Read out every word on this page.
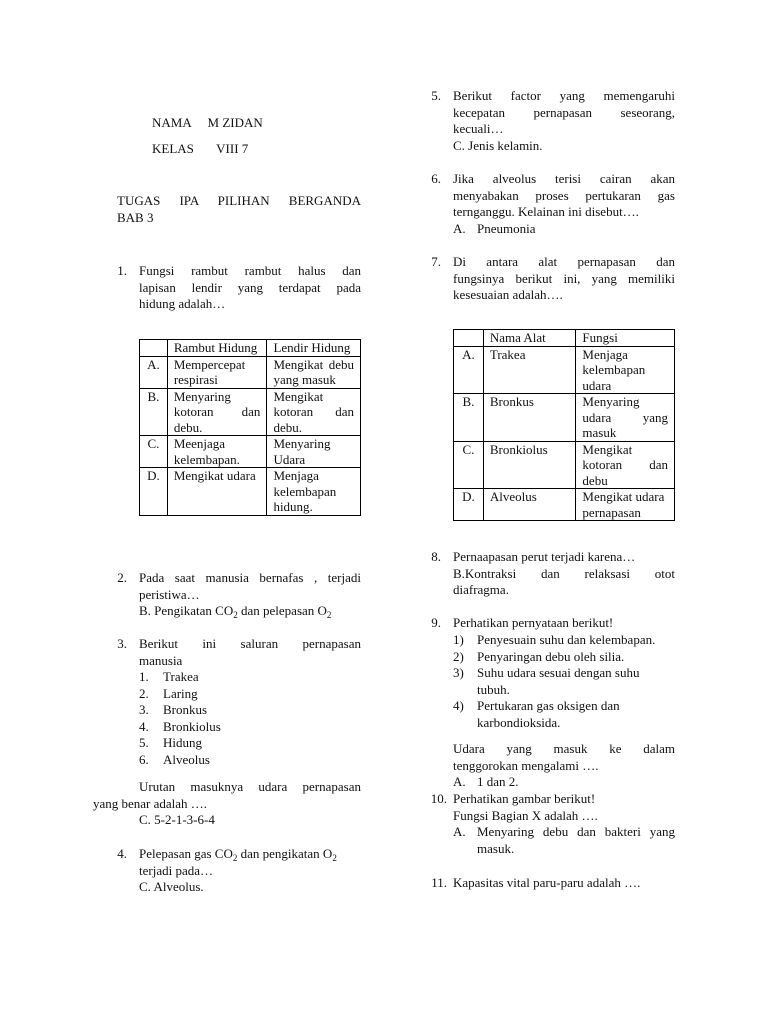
NAMA M ZIDAN
KELAS VIII 7
TUGAS IPA PILIHAN BERGANDA
BAB 3
1. Fungsi rambut rambut halus dan
lapisan lendir yang terdapat pada
hidung adalah…
	Rambut Hidung	Lendir Hidung
A.	Mempercepat respirasi	Mengikat debu yang masuk

B.	Menyaring kotoran dan debu.	Mengikat kotoran dan debu.

C.	Meenjaga kelembapan.	Menyaring Udara
D.	Mengikat udara	Menjaga kelembapan hidung.
2. Pada saat manusia bernafas , terjadi
peristiwa…
B. Pengikatan $CO_2$ dan pelepasan $O_2$
3. Berikut ini saluran pernapasan
manusia
1. Trakea
2. Laring
3. Bronkus
4. Bronkiolus
5. Hidung
6. Alveolus
Urutan masuknya udara pernapasan
yang benar adalah ….
C. 5-2-1-3-6-4
4. Pelepasan gas $CO_2$ dan pengikatan $O_2$
terjadi pada…
C. Alveolus.
5. Berikut factor yang memengaruhi
kecepatan pernapasan seseorang,
kecuali…
C. Jenis kelamin.
6. Jika alveolus terisi cairan akan
menyabakan proses pertukaran gas
ternganggu. Kelainan ini disebut….
A. Pneumonia
7. Di antara alat pernapasan dan
fungsinya berikut ini, yang memiliki
kesesuaian adalah….
	Nama Alat	Fungsi
A.	Trakea	Menjaga kelembapan udara
B.	Bronkus	Menyaring udara yang masuk

C.	Bronkiolus	Mengikat kotoran dan debu

D.	Alveolus	Mengikat udara pernapasan
8. Pernaapasan perut terjadi karena…
B.Kontraksi dan relaksasi otot
diafragma.
9. Perhatikan pernyataan berikut!
1)	Penyesuain suhu dan kelembapan.
2)	Penyaringan debu oleh silia.
3)	Suhu udara sesuai dengan suhu
tubuh.
4)	Pertukaran gas oksigen dan
karbondioksida.
Udara yang masuk ke dalam
tenggorokan mengalami ….
A. 1 dan 2.
10. Perhatikan gambar berikut!
Fungsi Bagian X adalah ….
A. Menyaring debu dan bakteri yang
masuk.
11. Kapasitas vital paru-paru adalah ….
